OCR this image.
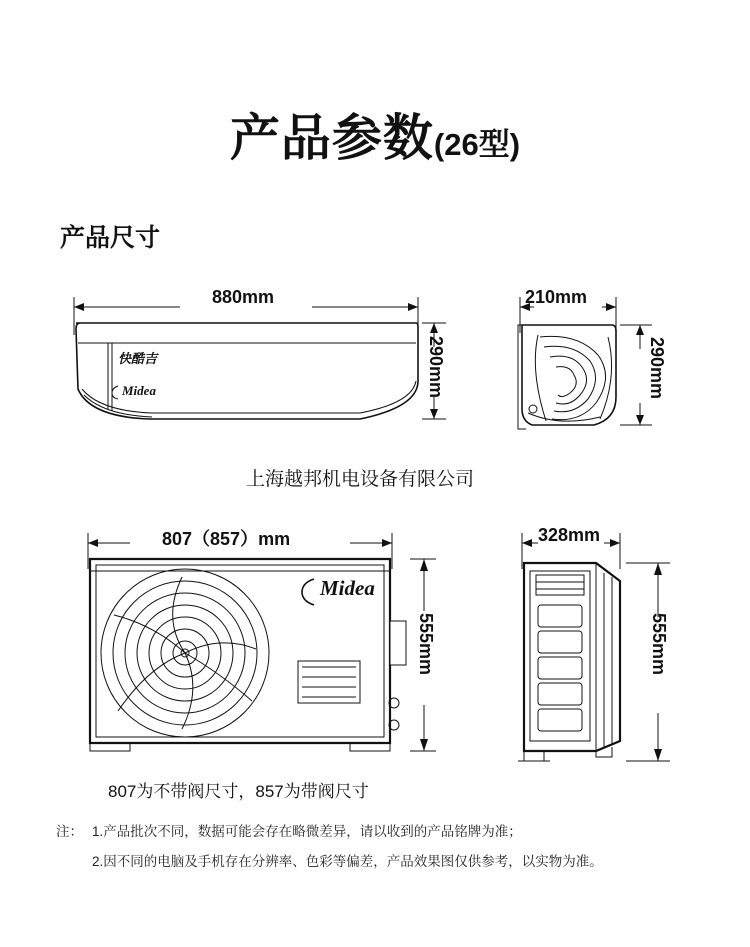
产品参数(26型)
产品尺寸
快酷吉
Midea
880mm
290mm
210mm
290mm
上海越邦机电设备有限公司
Midea
807（857）mm
555mm
328mm
555mm
807为不带阀尺寸，857为带阀尺寸
注： 1.产品批次不同，数据可能会存在略微差异，请以收到的产品铭牌为准；
2.因不同的电脑及手机存在分辨率、色彩等偏差，产品效果图仅供参考，以实物为准。
